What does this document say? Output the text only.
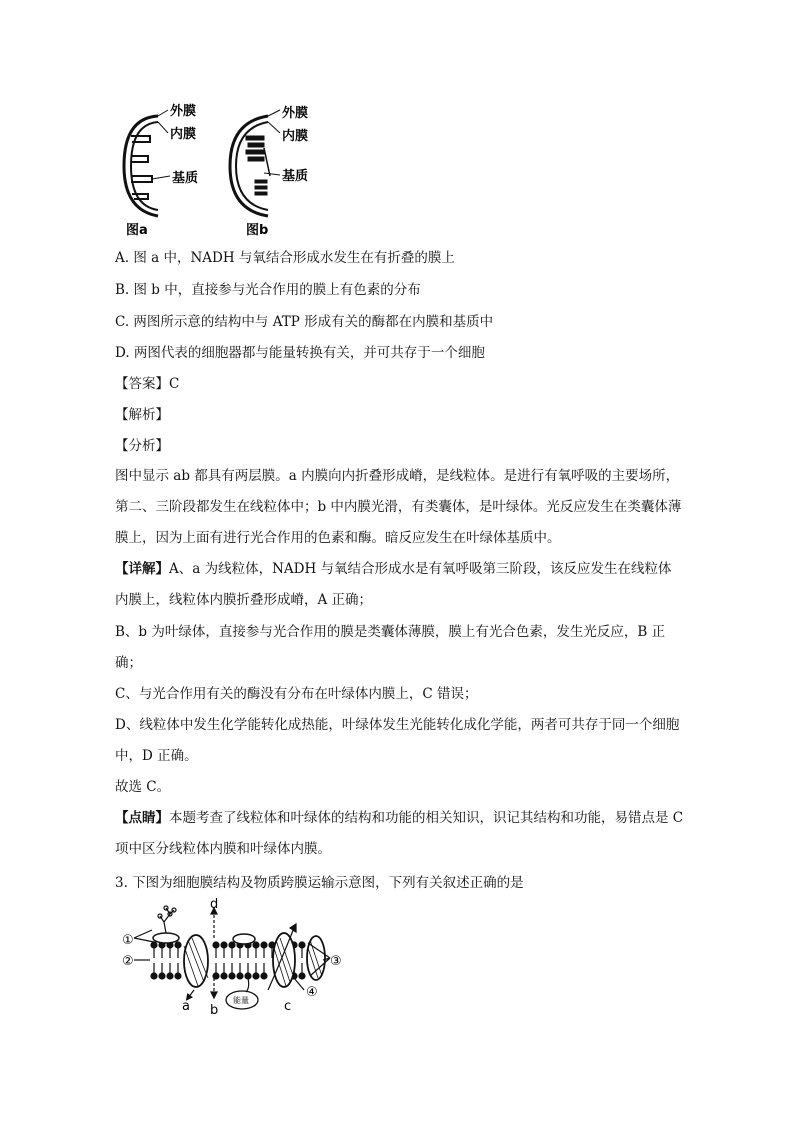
外膜
内膜
基质
图a
外膜
内膜
基质
图b
A. 图 a 中，NADH 与氧结合形成水发生在有折叠的膜上
B. 图 b 中，直接参与光合作用的膜上有色素的分布
C. 两图所示意的结构中与 ATP 形成有关的酶都在内膜和基质中
D. 两图代表的细胞器都与能量转换有关，并可共存于一个细胞
【答案】C
【解析】
【分析】
图中显示 ab 都具有两层膜。a 内膜向内折叠形成嵴，是线粒体。是进行有氧呼吸的主要场所，第二、三阶段都发生在线粒体中；b 中内膜光滑，有类囊体，是叶绿体。光反应发生在类囊体薄膜上，因为上面有进行光合作用的色素和酶。暗反应发生在叶绿体基质中。
【详解】A、a 为线粒体，NADH 与氧结合形成水是有氧呼吸第三阶段，该反应发生在线粒体内膜上，线粒体内膜折叠形成嵴，A 正确；
B、b 为叶绿体，直接参与光合作用的膜是类囊体薄膜，膜上有光合色素，发生光反应，B 正确；
C、与光合作用有关的酶没有分布在叶绿体内膜上，C 错误；
D、线粒体中发生化学能转化成热能，叶绿体发生光能转化成化学能，两者可共存于同一个细胞中，D 正确。
故选 C。
【点睛】本题考查了线粒体和叶绿体的结构和功能的相关知识，识记其结构和功能，易错点是 C 项中区分线粒体内膜和叶绿体内膜。
3. 下图为细胞膜结构及物质跨膜运输示意图，下列有关叙述正确的是
①
②	③
④
a b	c
d
能量
